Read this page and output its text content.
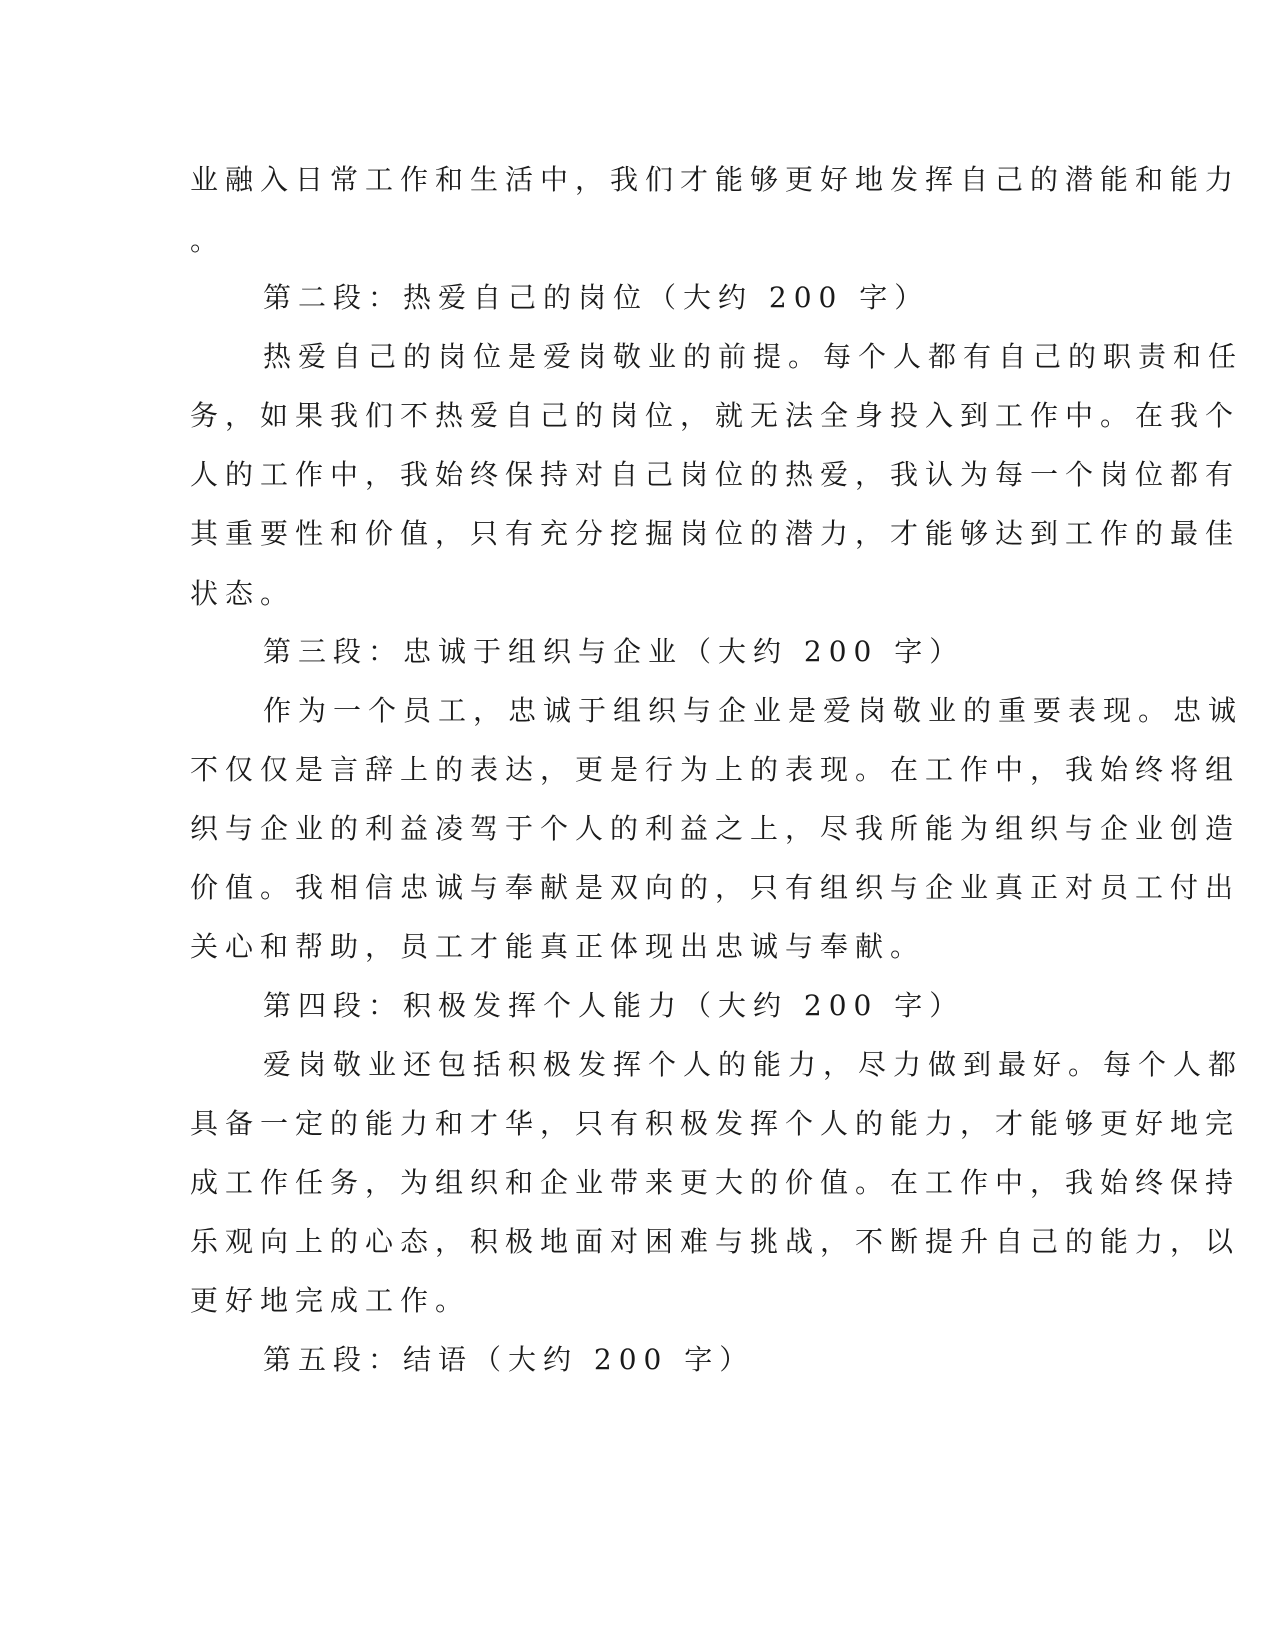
业融入日常工作和生活中，我们才能够更好地发挥自己的潜能和能力
。
第二段：热爱自己的岗位（大约 200 字）
热爱自己的岗位是爱岗敬业的前提。每个人都有自己的职责和任
务，如果我们不热爱自己的岗位，就无法全身投入到工作中。在我个
人的工作中，我始终保持对自己岗位的热爱，我认为每一个岗位都有
其重要性和价值，只有充分挖掘岗位的潜力，才能够达到工作的最佳
状态。
第三段：忠诚于组织与企业（大约 200 字）
作为一个员工，忠诚于组织与企业是爱岗敬业的重要表现。忠诚
不仅仅是言辞上的表达，更是行为上的表现。在工作中，我始终将组
织与企业的利益凌驾于个人的利益之上，尽我所能为组织与企业创造
价值。我相信忠诚与奉献是双向的，只有组织与企业真正对员工付出
关心和帮助，员工才能真正体现出忠诚与奉献。
第四段：积极发挥个人能力（大约 200 字）
爱岗敬业还包括积极发挥个人的能力，尽力做到最好。每个人都
具备一定的能力和才华，只有积极发挥个人的能力，才能够更好地完
成工作任务，为组织和企业带来更大的价值。在工作中，我始终保持
乐观向上的心态，积极地面对困难与挑战，不断提升自己的能力，以
更好地完成工作。
第五段：结语（大约 200 字）
